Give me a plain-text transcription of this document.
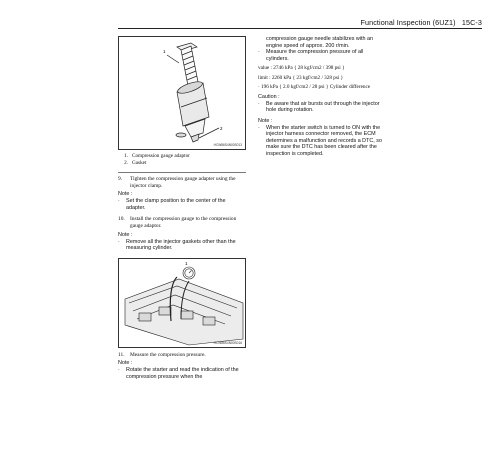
Functional Inspection (6UZ1) 15C-3
1
2
HCW86S4N00S013
1. Compression gauge adaptor
2. Gasket
9.	Tighten the compression gauge adapter using the injector clamp.
Note :
·	Set the clamp position to the center of the adapter.
10. Install the compression gauge to the compression gauge adaptor.
Note :
·	Remove all the injector gaskets other than the measuring cylinder.
1
HCW86S4N00S016
11.	Measure the compression pressure.
Note :
·	Rotate the starter and read the indication of the compression pressure when the
compression gauge needle stabilizes with an engine speed of approx. 200 r/min.
·	Measure the compression pressure of all cylinders.
value : 2746 kPa { 28 kgf/cm2 / 398 psi }
limit : 2260 kPa { 23 kgf/cm2 / 328 psi }
· 196 kPa { 2.0 kgf/cm2 / 28 psi } Cylinder difference
Caution :
·	Be aware that air bursts out through the injector hole during rotation.
Note :
·	When the starter switch is turned to ON with the injector harness connector removed, the ECM determines a malfunction and records a DTC, so make sure the DTC has been cleared after the inspection is completed.
